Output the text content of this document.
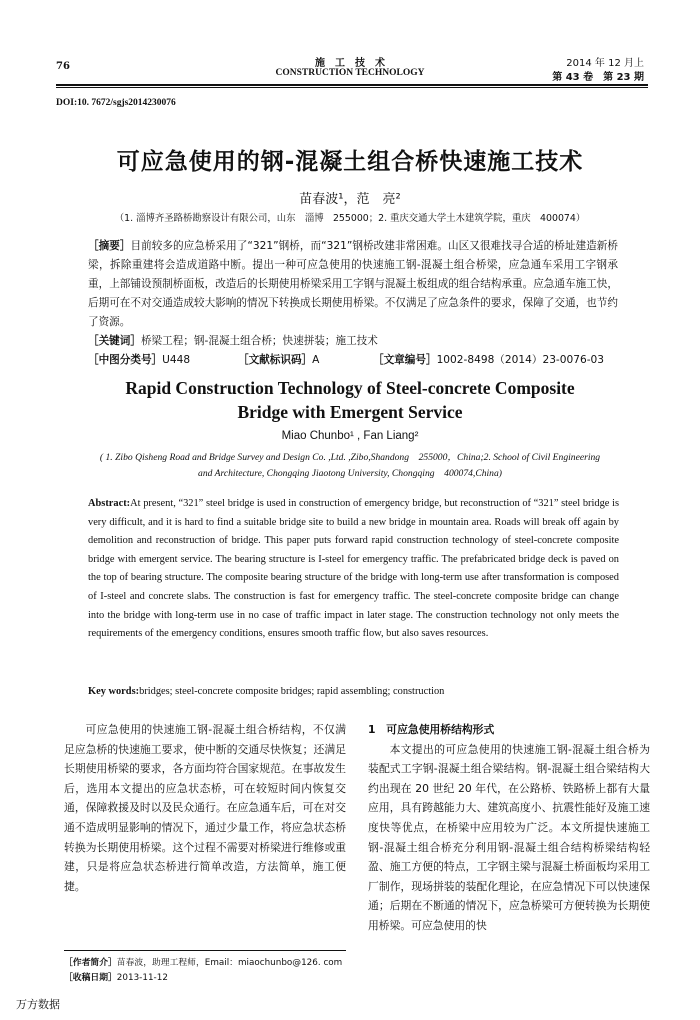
76	施　工　技　术
CONSTRUCTION TECHNOLOGY
2014 年 12 月上
第 43 卷　第 23 期
DOI:10. 7672/sgjs2014230076
可应急使用的钢-混凝土组合桥快速施工技术
苗春波¹，范　亮²
（1. 淄博齐圣路桥勘察设计有限公司，山东　淄博　255000；2. 重庆交通大学土木建筑学院，重庆　400074）
［摘要］目前较多的应急桥采用了“321”钢桥，而“321”钢桥改建非常困难。山区又很难找寻合适的桥址建造新桥梁，拆除重建将会造成道路中断。提出一种可应急使用的快速施工钢-混凝土组合桥梁，应急通车采用工字钢承重，上部铺设预制桥面板，改造后的长期使用桥梁采用工字钢与混凝土板组成的组合结构承重。应急通车施工快，后期可在不对交通造成较大影响的情况下转换成长期使用桥梁。不仅满足了应急条件的要求，保障了交通，也节约了资源。
［关键词］桥梁工程；钢-混凝土组合桥；快速拼装；施工技术
［中图分类号］U448	［文献标识码］A	［文章编号］1002-8498（2014）23-0076-03
Rapid Construction Technology of Steel-concrete Composite
Bridge with Emergent Service
Miao Chunbo¹ , Fan Liang²
( 1. Zibo Qisheng Road and Bridge Survey and Design Co. ,Ltd. ,Zibo,Shandong　255000，China;2. School of Civil Engineering
and Architecture, Chongqing Jiaotong University, Chongqing　400074,China)
Abstract:At present, “321” steel bridge is used in construction of emergency bridge, but reconstruction of “321” steel bridge is very difficult, and it is hard to find a suitable bridge site to build a new bridge in mountain area. Roads will break off again by demolition and reconstruction of bridge. This paper puts forward rapid construction technology of steel-concrete composite bridge with emergent service. The bearing structure is I-steel for emergency traffic. The prefabricated bridge deck is paved on the top of bearing structure. The composite bearing structure of the bridge with long-term use after transformation is composed of I-steel and concrete slabs. The construction is fast for emergency traffic. The steel-concrete composite bridge can change into the bridge with long-term use in no case of traffic impact in later stage. The construction technology not only meets the requirements of the emergency conditions, ensures smooth traffic flow, but also saves resources.
Key words:bridges; steel-concrete composite bridges; rapid assembling; construction

可应急使用的快速施工钢-混凝土组合桥结构，不仅满足应急桥的快速施工要求，使中断的交通尽快恢复；还满足长期使用桥梁的要求，各方面均符合国家规范。在事故发生后，选用本文提出的应急状态桥，可在较短时间内恢复交通，保障救援及时以及民众通行。在应急通车后，可在对交通不造成明显影响的情况下，通过少量工作，将应急状态桥转换为长期使用桥梁。这个过程不需要对桥梁进行维修或重建，只是将应急状态桥进行简单改造，方法简单，施工便捷。

1　可应急使用桥结构形式

本文提出的可应急使用的快速施工钢-混凝土组合桥为装配式工字钢-混凝土组合梁结构。钢-混凝土组合梁结构大约出现在 20 世纪 20 年代，在公路桥、铁路桥上都有大量应用，具有跨越能力大、建筑高度小、抗震性能好及施工速度快等优点，在桥梁中应用较为广泛。本文所提快速施工钢-混凝土组合桥充分利用钢-混凝土组合结构桥梁结构轻盈、施工方便的特点，工字钢主梁与混凝土桥面板均采用工厂制作，现场拼装的装配化理论，在应急情况下可以快速保通；后期在不断通的情况下，应急桥梁可方便转换为长期使用桥梁。可应急使用的快

［作者简介］苗春波，助理工程师，Email：miaochunbo@126. com
［收稿日期］2013-11-12
万方数据
